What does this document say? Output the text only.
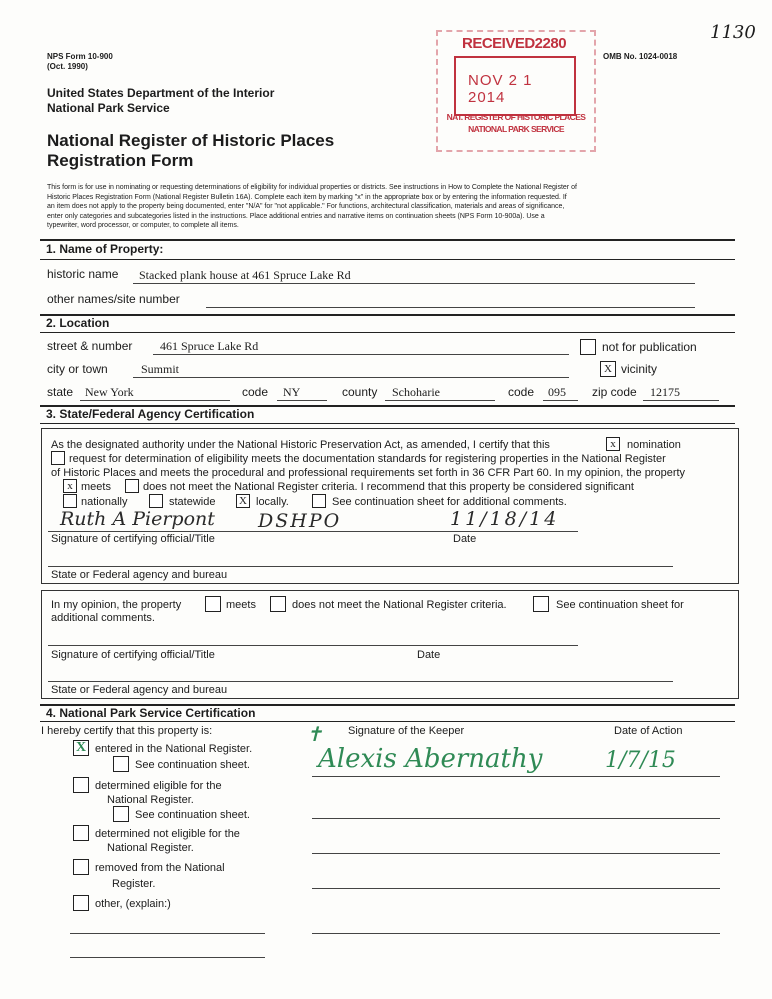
NPS Form 10-900
(Oct. 1990)
OMB No. 1024-0018
1130
United States Department of the Interior
National Park Service
National Register of Historic Places
Registration Form
RECEIVED2280
NOV 2 1 2014
NAT. REGISTER OF HISTORIC PLACES
NATIONAL PARK SERVICE
This form is for use in nominating or requesting determinations of eligibility for individual properties or districts. See instructions in How to Complete the National Register of
Historic Places Registration Form (National Register Bulletin 16A). Complete each item by marking "x" in the appropriate box or by entering the information requested. If
an item does not apply to the property being documented, enter "N/A" for "not applicable." For functions, architectural classification, materials and areas of significance,
enter only categories and subcategories listed in the instructions. Place additional entries and narrative items on continuation sheets (NPS Form 10-900a). Use a
typewriter, word processor, or computer, to complete all items.
1. Name of Property:
historic name Stacked plank house at 461 Spruce Lake Rd
other names/site number
2. Location
street & number 461 Spruce Lake Rd	not for publication
city or town	Summit	X vicinity
state New York	code NY	county Schoharie	code 095 zip code 12175
3. State/Federal Agency Certification
As the designated authority under the National Historic Preservation Act, as amended, I certify that this	x	nomination
request for determination of eligibility meets the documentation standards for registering properties in the National Register
of Historic Places and meets the procedural and professional requirements set forth in 36 CFR Part 60. In my opinion, the property
x meets	does not meet the National Register criteria. I recommend that this property be considered significant
nationally	statewide X locally.	See continuation sheet for additional comments.
Ruth A Pierpont DSHPO	11/18/14
Signature of certifying official/Title	Date
State or Federal agency and bureau
In my opinion, the property	meets	does not meet the National Register criteria.	See continuation sheet for
additional comments.
Signature of certifying official/Title	Date
State or Federal agency and bureau
4. National Park Service Certification
I hereby certify that this property is:	Signature of the Keeper	Date of Action
✝
Alexis Abernathy	1/7/15
X entered in the National Register.
See continuation sheet.
determined eligible for the
National Register.
See continuation sheet.
determined not eligible for the
National Register.
removed from the National
Register.
other, (explain:)
